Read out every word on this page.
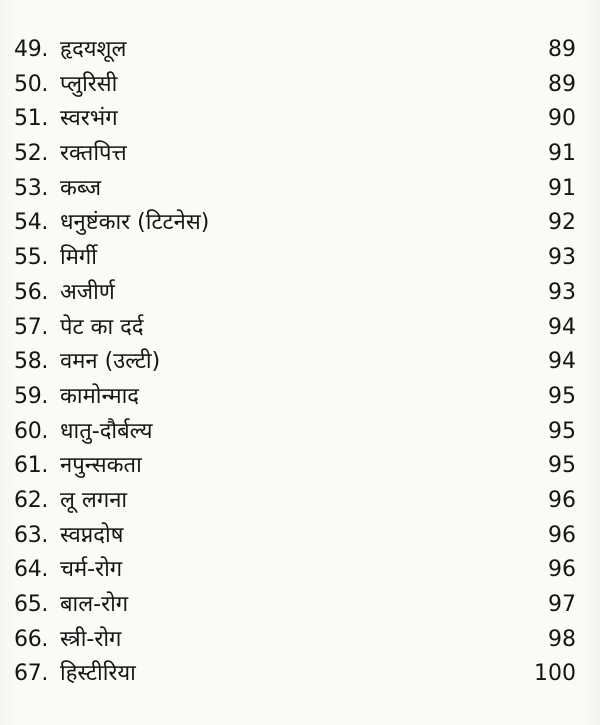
49. हृदयशूल	89
50. प्लुरिसी	89
51. स्वरभंग	90
52. रक्तपित्त	91
53. कब्ज	91
54. धनुष्टंकार (टिटनेस)	92
55. मिर्गी	93
56. अजीर्ण	93
57. पेट का दर्द	94
58. वमन (उल्टी)	94
59. कामोन्माद	95
60. धातु-दौर्बल्य	95
61. नपुन्सकता	95
62. लू लगना	96
63. स्वप्नदोष	96
64. चर्म-रोग	96
65. बाल-रोग	97
66. स्त्री-रोग	98
67. हिस्टीरिया	100
